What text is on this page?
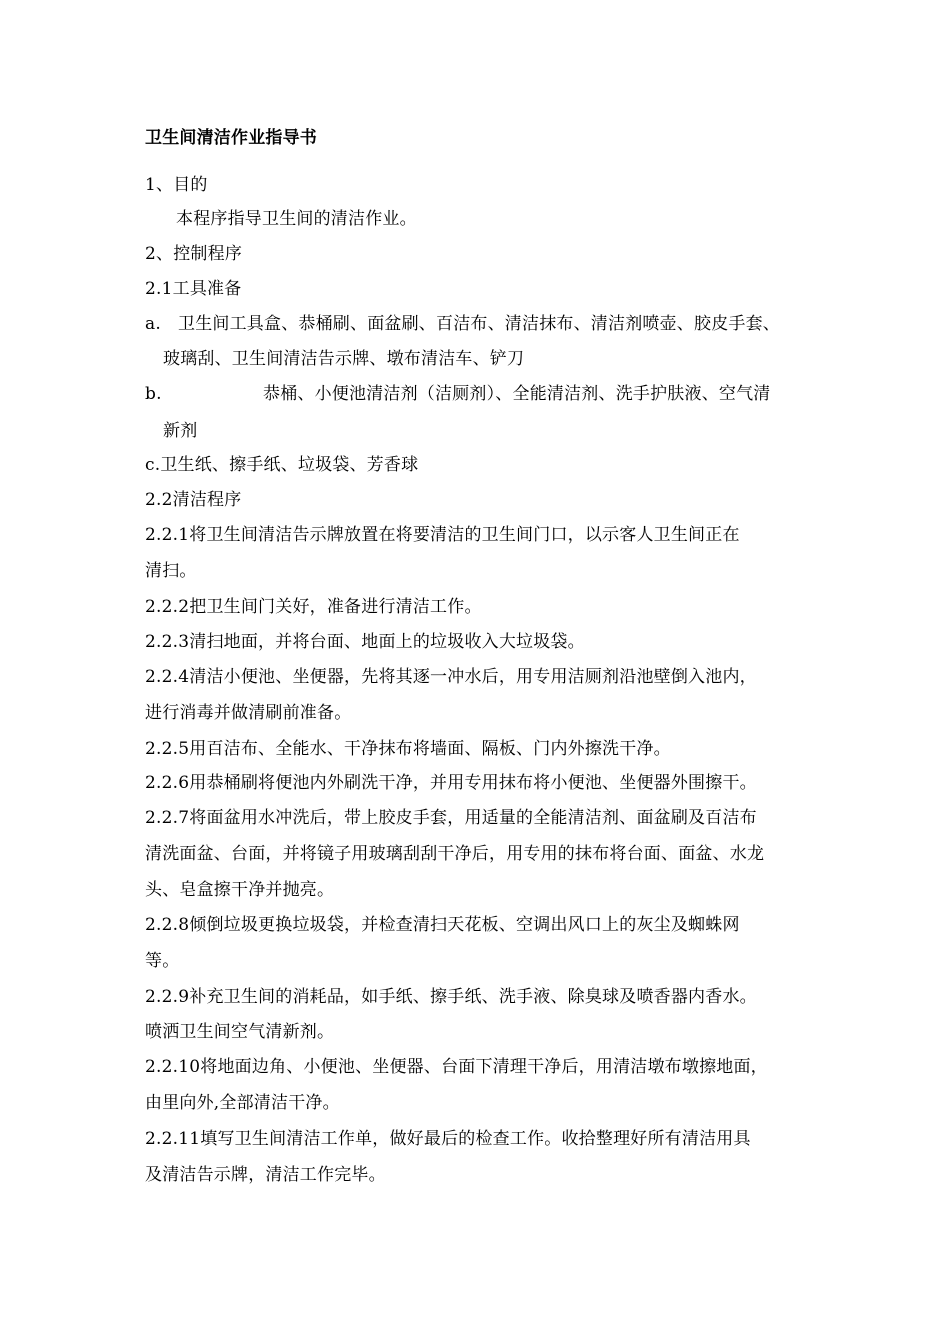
卫生间清洁作业指导书
1、目的
本程序指导卫生间的清洁作业。
2、控制程序
2.1工具准备
a. 卫生间工具盒、恭桶刷、面盆刷、百洁布、清洁抹布、清洁剂喷壶、胶皮手套、
玻璃刮、卫生间清洁告示牌、墩布清洁车、铲刀
b.	恭桶、小便池清洁剂（洁厕剂）、全能清洁剂、洗手护肤液、空气清
新剂
c.卫生纸、擦手纸、垃圾袋、芳香球
2.2清洁程序
2.2.1将卫生间清洁告示牌放置在将要清洁的卫生间门口，以示客人卫生间正在
清扫。
2.2.2把卫生间门关好，准备进行清洁工作。
2.2.3清扫地面，并将台面、地面上的垃圾收入大垃圾袋。
2.2.4清洁小便池、坐便器，先将其逐一冲水后，用专用洁厕剂沿池壁倒入池内，
进行消毒并做清刷前准备。
2.2.5用百洁布、全能水、干净抹布将墙面、隔板、门内外擦洗干净。
2.2.6用恭桶刷将便池内外刷洗干净，并用专用抹布将小便池、坐便器外围擦干。
2.2.7将面盆用水冲洗后，带上胶皮手套，用适量的全能清洁剂、面盆刷及百洁布
清洗面盆、台面，并将镜子用玻璃刮刮干净后，用专用的抹布将台面、面盆、水龙
头、皂盒擦干净并抛亮。
2.2.8倾倒垃圾更换垃圾袋，并检查清扫天花板、空调出风口上的灰尘及蜘蛛网
等。
2.2.9补充卫生间的消耗品，如手纸、擦手纸、洗手液、除臭球及喷香器内香水。
喷洒卫生间空气清新剂。
2.2.10将地面边角、小便池、坐便器、台面下清理干净后，用清洁墩布墩擦地面，
由里向外,全部清洁干净。
2.2.11填写卫生间清洁工作单，做好最后的检查工作。收拾整理好所有清洁用具
及清洁告示牌，清洁工作完毕。
